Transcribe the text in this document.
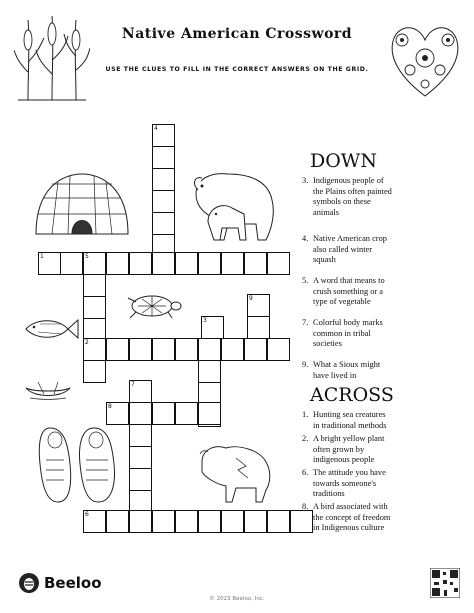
Native American Crossword
USE THE CLUES TO FILL IN THE CORRECT ANSWERS ON THE GRID.
4
1	5
9
3
2
7
8
6
DOWN
3. Indigenous people of the Plains often painted symbols on these animals
4. Native American crop also called winter squash
5. A word that means to crush something or a type of vegetable
7. Colorful body marks common in tribal societies
9. What a Sioux might have lived in
ACROSS
1. Hunting sea creatures in traditional methods
2. A bright yellow plant often grown by indigenous people
6. The attitude you have towards someone's traditions
8. A bird associated with the concept of freedom in Indigenous culture
Beeloo
© 2023 Beeloo, Inc.
